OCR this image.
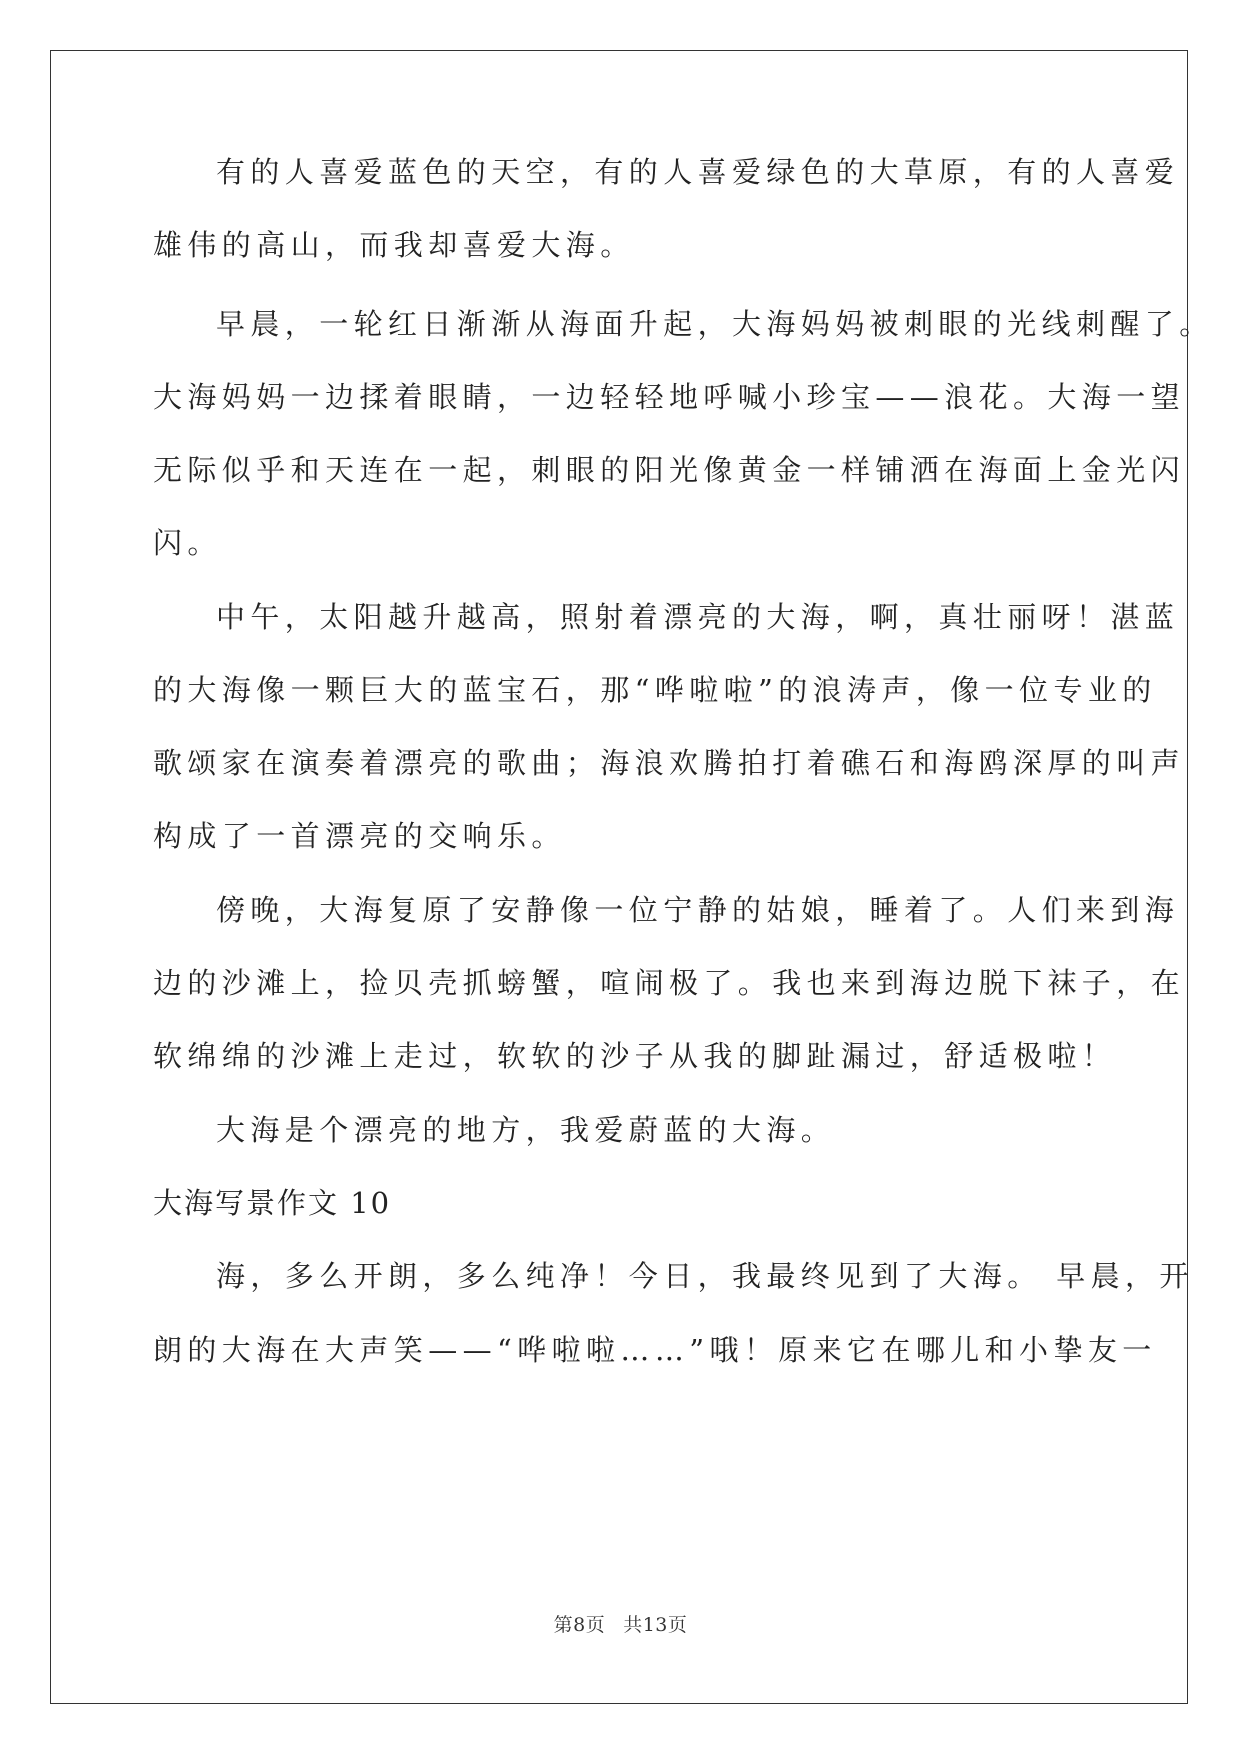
有的人喜爱蓝色的天空，有的人喜爱绿色的大草原，有的人喜爱
雄伟的高山，而我却喜爱大海。
早晨，一轮红日渐渐从海面升起，大海妈妈被刺眼的光线刺醒了。
大海妈妈一边揉着眼睛，一边轻轻地呼喊小珍宝——浪花。大海一望
无际似乎和天连在一起，刺眼的阳光像黄金一样铺洒在海面上金光闪
闪。
中午，太阳越升越高，照射着漂亮的大海，啊，真壮丽呀！湛蓝
的大海像一颗巨大的蓝宝石，那“哗啦啦”的浪涛声，像一位专业的
歌颂家在演奏着漂亮的歌曲；海浪欢腾拍打着礁石和海鸥深厚的叫声
构成了一首漂亮的交响乐。
傍晚，大海复原了安静像一位宁静的姑娘，睡着了。人们来到海
边的沙滩上，捡贝壳抓螃蟹，喧闹极了。我也来到海边脱下袜子，在
软绵绵的沙滩上走过，软软的沙子从我的脚趾漏过，舒适极啦！
大海是个漂亮的地方，我爱蔚蓝的大海。
大海写景作文 10
海，多么开朗，多么纯净！今日，我最终见到了大海。 早晨，开
朗的大海在大声笑——“哗啦啦……”哦！原来它在哪儿和小挚友一
第8页 共13页
